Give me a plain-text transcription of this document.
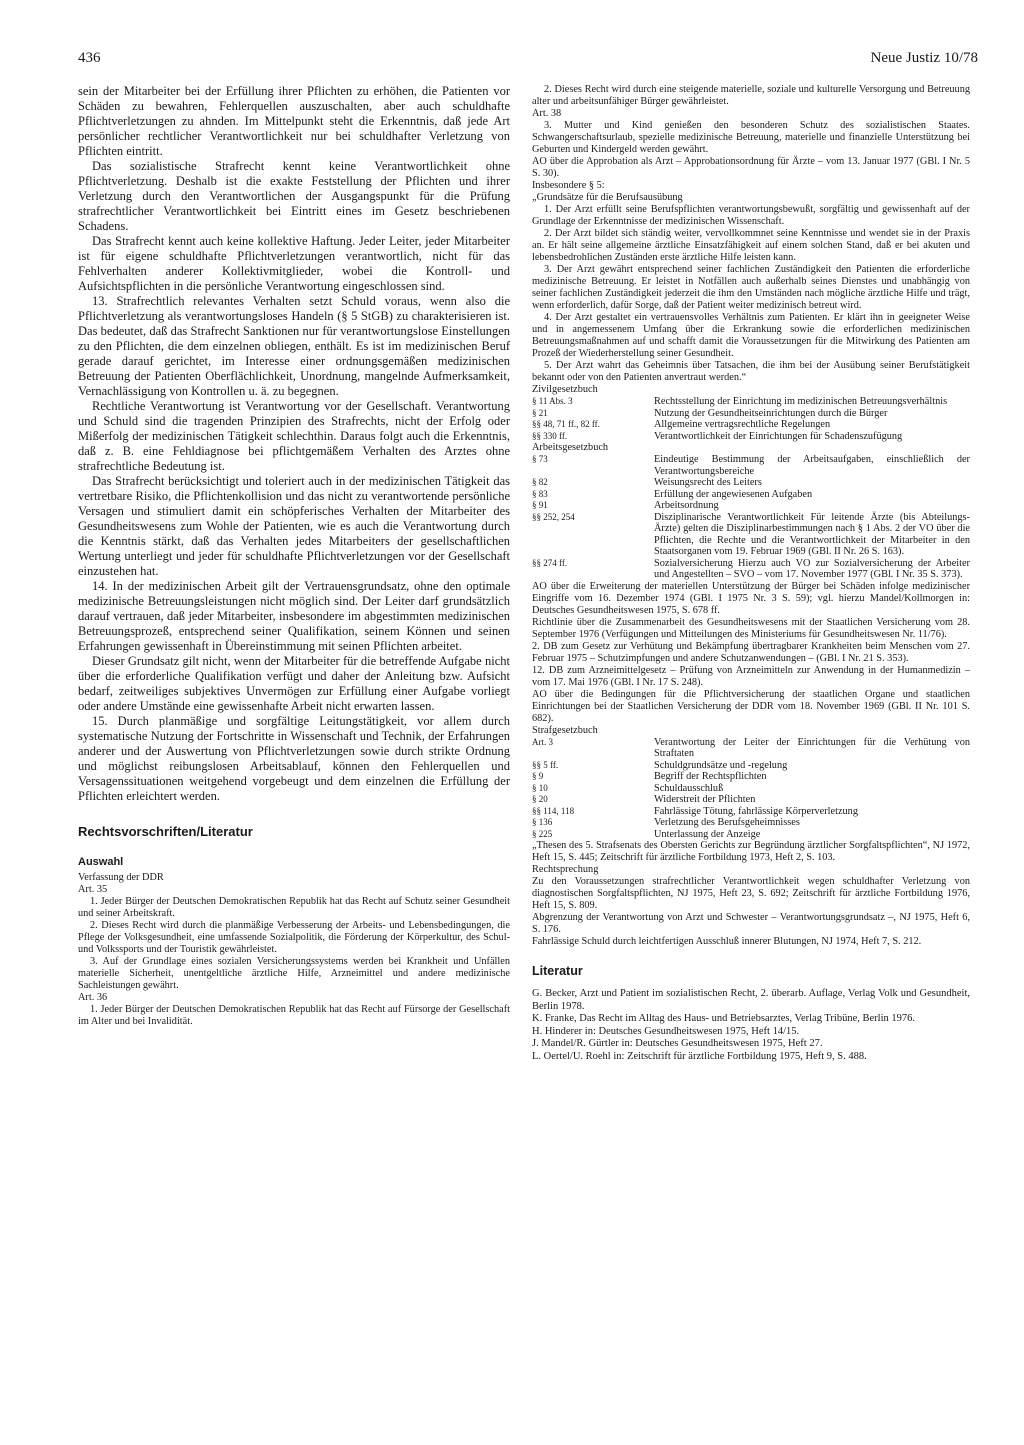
436	Neue Justiz 10/78

sein der Mitarbeiter bei der Erfüllung ihrer Pflichten zu erhöhen, die Patienten vor Schäden zu bewahren, Fehlerquellen auszuschalten, aber auch schuldhafte Pflichtverletzungen zu ahnden. Im Mittelpunkt steht die Erkenntnis, daß jede Art persönlicher rechtlicher Verantwortlichkeit nur bei schuldhafter Verletzung von Pflichten eintritt.

Das sozialistische Strafrecht kennt keine Verantwortlichkeit ohne Pflichtverletzung. Deshalb ist die exakte Feststellung der Pflichten und ihrer Verletzung durch den Verantwortlichen der Ausgangspunkt für die Prüfung strafrechtlicher Verantwortlichkeit bei Eintritt eines im Gesetz beschriebenen Schadens.

Das Strafrecht kennt auch keine kollektive Haftung. Jeder Leiter, jeder Mitarbeiter ist für eigene schuldhafte Pflichtverletzungen verantwortlich, nicht für das Fehlverhalten anderer Kollektivmitglieder, wobei die Kontroll- und Aufsichtspflichten in die persönliche Verantwortung eingeschlossen sind.

13. Strafrechtlich relevantes Verhalten setzt Schuld voraus, wenn also die Pflichtverletzung als verantwortungsloses Handeln (§ 5 StGB) zu charakterisieren ist. Das bedeutet, daß das Strafrecht Sanktionen nur für verantwortungslose Einstellungen zu den Pflichten, die dem einzelnen obliegen, enthält. Es ist im medizinischen Beruf gerade darauf gerichtet, im Interesse einer ordnungsgemäßen medizinischen Betreuung der Patienten Oberflächlichkeit, Unordnung, mangelnde Aufmerksamkeit, Vernachlässigung von Kontrollen u. ä. zu begegnen.

Rechtliche Verantwortung ist Verantwortung vor der Gesellschaft. Verantwortung und Schuld sind die tragenden Prinzipien des Strafrechts, nicht der Erfolg oder Mißerfolg der medizinischen Tätigkeit schlechthin. Daraus folgt auch die Erkenntnis, daß z. B. eine Fehldiagnose bei pflichtgemäßem Verhalten des Arztes ohne strafrechtliche Bedeutung ist.

Das Strafrecht berücksichtigt und toleriert auch in der medizinischen Tätigkeit das vertretbare Risiko, die Pflichtenkollision und das nicht zu verantwortende persönliche Versagen und stimuliert damit ein schöpferisches Verhalten der Mitarbeiter des Gesundheitswesens zum Wohle der Patienten, wie es auch die Verantwortung durch die Kenntnis stärkt, daß das Verhalten jedes Mitarbeiters der gesellschaftlichen Wertung unterliegt und jeder für schuldhafte Pflichtverletzungen vor der Gesellschaft einzustehen hat.

14. In der medizinischen Arbeit gilt der Vertrauensgrundsatz, ohne den optimale medizinische Betreuungsleistungen nicht möglich sind. Der Leiter darf grundsätzlich darauf vertrauen, daß jeder Mitarbeiter, insbesondere im abgestimmten medizinischen Betreuungsprozeß, entsprechend seiner Qualifikation, seinem Können und seinen Erfahrungen gewissenhaft in Übereinstimmung mit seinen Pflichten arbeitet.

Dieser Grundsatz gilt nicht, wenn der Mitarbeiter für die betreffende Aufgabe nicht über die erforderliche Qualifikation verfügt und daher der Anleitung bzw. Aufsicht bedarf, zeitweiliges subjektives Unvermögen zur Erfüllung einer Aufgabe vorliegt oder andere Umstände eine gewissenhafte Arbeit nicht erwarten lassen.

15. Durch planmäßige und sorgfältige Leitungstätigkeit, vor allem durch systematische Nutzung der Fortschritte in Wissenschaft und Technik, der Erfahrungen anderer und der Auswertung von Pflichtverletzungen sowie durch strikte Ordnung und möglichst reibungslosen Arbeitsablauf, können den Fehlerquellen und Versagenssituationen weitgehend vorgebeugt und dem einzelnen die Erfüllung der Pflichten erleichtert werden.

Rechtsvorschriften/Literatur
Auswahl

Verfassung der DDR

Art. 35

1. Jeder Bürger der Deutschen Demokratischen Republik hat das Recht auf Schutz seiner Gesundheit und seiner Arbeitskraft.

2. Dieses Recht wird durch die planmäßige Verbesserung der Arbeits- und Lebensbedingungen, die Pflege der Volksgesundheit, eine umfassende Sozialpolitik, die Förderung der Körperkultur, des Schul- und Volkssports und der Touristik gewährleistet.

3. Auf der Grundlage eines sozialen Versicherungssystems werden bei Krankheit und Unfällen materielle Sicherheit, unentgeltliche ärztliche Hilfe, Arzneimittel und andere medizinische Sachleistungen gewährt.

Art. 36

1. Jeder Bürger der Deutschen Demokratischen Republik hat das Recht auf Fürsorge der Gesellschaft im Alter und bei Invalidität.

2. Dieses Recht wird durch eine steigende materielle, soziale und kulturelle Versorgung und Betreuung alter und arbeitsunfähiger Bürger gewährleistet.

Art. 38

3. Mutter und Kind genießen den besonderen Schutz des sozialistischen Staates. Schwangerschaftsurlaub, spezielle medizinische Betreuung, materielle und finanzielle Unterstützung bei Geburten und Kindergeld werden gewährt.

AO über die Approbation als Arzt – Approbationsordnung für Ärzte – vom 13. Januar 1977 (GBl. I Nr. 5 S. 30).

Insbesondere § 5:

„Grundsätze für die Berufsausübung

1. Der Arzt erfüllt seine Berufspflichten verantwortungsbewußt, sorgfältig und gewissenhaft auf der Grundlage der Erkenntnisse der medizinischen Wissenschaft.

2. Der Arzt bildet sich ständig weiter, vervollkommnet seine Kenntnisse und wendet sie in der Praxis an. Er hält seine allgemeine ärztliche Einsatzfähigkeit auf einem solchen Stand, daß er bei akuten und lebensbedrohlichen Zuständen erste ärztliche Hilfe leisten kann.

3. Der Arzt gewährt entsprechend seiner fachlichen Zuständigkeit den Patienten die erforderliche medizinische Betreuung. Er leistet in Notfällen auch außerhalb seines Dienstes und unabhängig von seiner fachlichen Zuständigkeit jederzeit die ihm den Umständen nach mögliche ärztliche Hilfe und trägt, wenn erforderlich, dafür Sorge, daß der Patient weiter medizinisch betreut wird.

4. Der Arzt gestaltet ein vertrauensvolles Verhältnis zum Patienten. Er klärt ihn in geeigneter Weise und in angemessenem Umfang über die Erkrankung sowie die erforderlichen medizinischen Betreuungsmaßnahmen auf und schafft damit die Voraussetzungen für die Mitwirkung des Patienten am Prozeß der Wiederherstellung seiner Gesundheit.

5. Der Arzt wahrt das Geheimnis über Tatsachen, die ihm bei der Ausübung seiner Berufstätigkeit bekannt oder von den Patienten anvertraut werden.“

Zivilgesetzbuch

§ 11 Abs. 3	Rechtsstellung der Einrichtung im medizinischen Betreuungsverhältnis
§ 21	Nutzung der Gesundheitseinrichtungen durch die Bürger
§§ 48, 71 ff., 82 ff.	Allgemeine vertragsrechtliche Regelungen
§§ 330 ff.	Verantwortlichkeit der Einrichtungen für Schadenszufügung

Arbeitsgesetzbuch

§ 73	Eindeutige Bestimmung der Arbeitsaufgaben, einschließlich der Verantwortungsbereiche
§ 82	Weisungsrecht des Leiters
§ 83	Erfüllung der angewiesenen Aufgaben
§ 91	Arbeitsordnung
§§ 252, 254	Disziplinarische Verantwortlichkeit Für leitende Ärzte (bis Abteilungs-Ärzte) gelten die Disziplinarbestimmungen nach § 1 Abs. 2 der VO über die Pflichten, die Rechte und die Verantwortlichkeit der Mitarbeiter in den Staatsorganen vom 19. Februar 1969 (GBl. II Nr. 26 S. 163).
§§ 274 ff.	Sozialversicherung Hierzu auch VO zur Sozialversicherung der Arbeiter und Angestellten – SVO – vom 17. November 1977 (GBl. I Nr. 35 S. 373).

AO über die Erweiterung der materiellen Unterstützung der Bürger bei Schäden infolge medizinischer Eingriffe vom 16. Dezember 1974 (GBl. I 1975 Nr. 3 S. 59); vgl. hierzu Mandel/Kollmorgen in: Deutsches Gesundheitswesen 1975, S. 678 ff.

Richtlinie über die Zusammenarbeit des Gesundheitswesens mit der Staatlichen Versicherung vom 28. September 1976 (Verfügungen und Mitteilungen des Ministeriums für Gesundheitswesen Nr. 11/76).

2. DB zum Gesetz zur Verhütung und Bekämpfung übertragbarer Krankheiten beim Menschen vom 27. Februar 1975 – Schutzimpfungen und andere Schutzanwendungen – (GBl. I Nr. 21 S. 353).

12. DB zum Arzneimittelgesetz – Prüfung von Arzneimitteln zur Anwendung in der Humanmedizin – vom 17. Mai 1976 (GBl. I Nr. 17 S. 248).

AO über die Bedingungen für die Pflichtversicherung der staatlichen Organe und staatlichen Einrichtungen bei der Staatlichen Versicherung der DDR vom 18. November 1969 (GBl. II Nr. 101 S. 682).

Strafgesetzbuch

Art. 3	Verantwortung der Leiter der Einrichtungen für die Verhütung von Straftaten
§§ 5 ff.	Schuldgrundsätze und -regelung
§ 9	Begriff der Rechtspflichten
§ 10	Schuldausschluß
§ 20	Widerstreit der Pflichten
§§ 114, 118	Fahrlässige Tötung, fahrlässige Körperverletzung
§ 136	Verletzung des Berufsgeheimnisses
§ 225	Unterlassung der Anzeige

„Thesen des 5. Strafsenats des Obersten Gerichts zur Begründung ärztlicher Sorgfaltspflichten“, NJ 1972, Heft 15, S. 445; Zeitschrift für ärztliche Fortbildung 1973, Heft 2, S. 103.

Rechtsprechung

Zu den Voraussetzungen strafrechtlicher Verantwortlichkeit wegen schuldhafter Verletzung von diagnostischen Sorgfaltspflichten, NJ 1975, Heft 23, S. 692; Zeitschrift für ärztliche Fortbildung 1976, Heft 15, S. 809.

Abgrenzung der Verantwortung von Arzt und Schwester – Verantwortungsgrundsatz –, NJ 1975, Heft 6, S. 176.

Fahrlässige Schuld durch leichtfertigen Ausschluß innerer Blutungen, NJ 1974, Heft 7, S. 212.

Literatur

G. Becker, Arzt und Patient im sozialistischen Recht, 2. überarb. Auflage, Verlag Volk und Gesundheit, Berlin 1978.

K. Franke, Das Recht im Alltag des Haus- und Betriebsarztes, Verlag Tribüne, Berlin 1976.

H. Hinderer in: Deutsches Gesundheitswesen 1975, Heft 14/15.

J. Mandel/R. Gürtler in: Deutsches Gesundheitswesen 1975, Heft 27.

L. Oertel/U. Roehl in: Zeitschrift für ärztliche Fortbildung 1975, Heft 9, S. 488.
